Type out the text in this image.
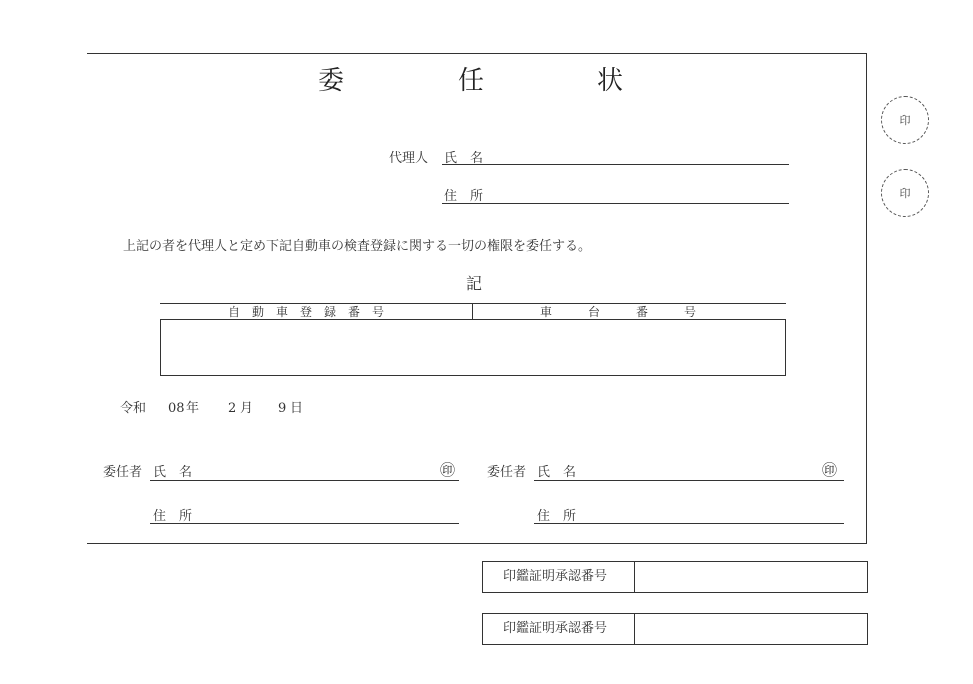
委	任	状
代理人 氏　名
住　所
上記の者を代理人と定め下記自動車の検査登録に関する一切の権限を委任する。
記
自　動　車　登　録　番　号	車　　　台　　　番　　　号
令和 08 年 2 月 9 日
委任者 氏　名	㊞
住　所
委任者 氏　名	㊞
住　所
印
印
印鑑証明承認番号
印鑑証明承認番号
